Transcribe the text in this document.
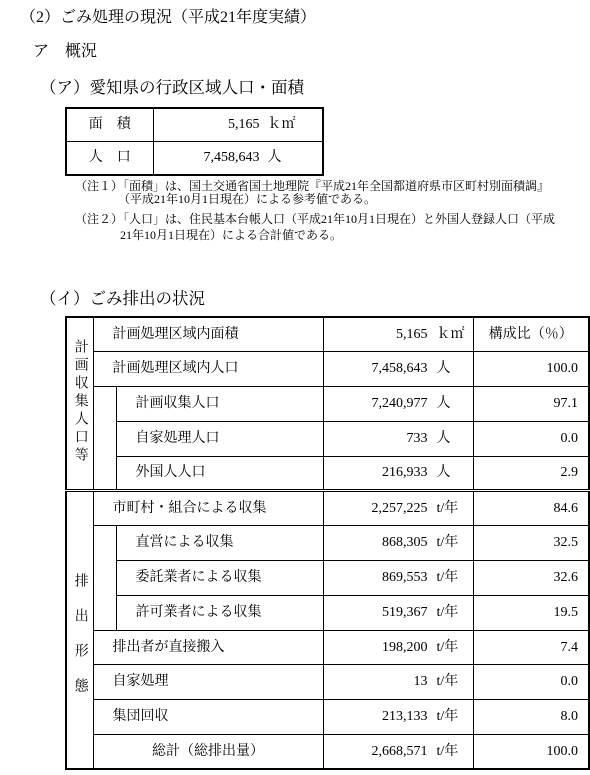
（2）ごみ処理の現況（平成21年度実績）
ア　概況
（ア）愛知県の行政区域人口・面積
面　積	5,165 ｋ㎡
人　口	7,458,643 人
（注１）「面積」は、国土交通省国土地理院『平成21年全国都道府県市区町村別面積調』
（平成21年10月1日現在）による参考値である。
（注２）「人口」は、住民基本台帳人口（平成21年10月1日現在）と外国人登録人口（平成
21年10月1日現在）による合計値である。
（イ）ごみ排出の状況
計画収集人口等	計画処理区域内面積		5,165 ｋ㎡	構成比（％）
	計画処理区域内人口		7,458,643 人	100.0
		計画収集人口	7,240,977 人	97.1
		自家処理人口	733 人	0.0
		外国人人口	216,933 人	2.9
排出形態	市町村・組合による収集		2,257,225 t/年	84.6
		直営による収集	868,305 t/年	32.5
		委託業者による収集	869,553 t/年	32.6
		許可業者による収集	519,367 t/年	19.5
	排出者が直接搬入		198,200 t/年	7.4
	自家処理		13 t/年	0.0
	集団回収		213,133 t/年	8.0
	総計（総排出量）		2,668,571 t/年	100.0
